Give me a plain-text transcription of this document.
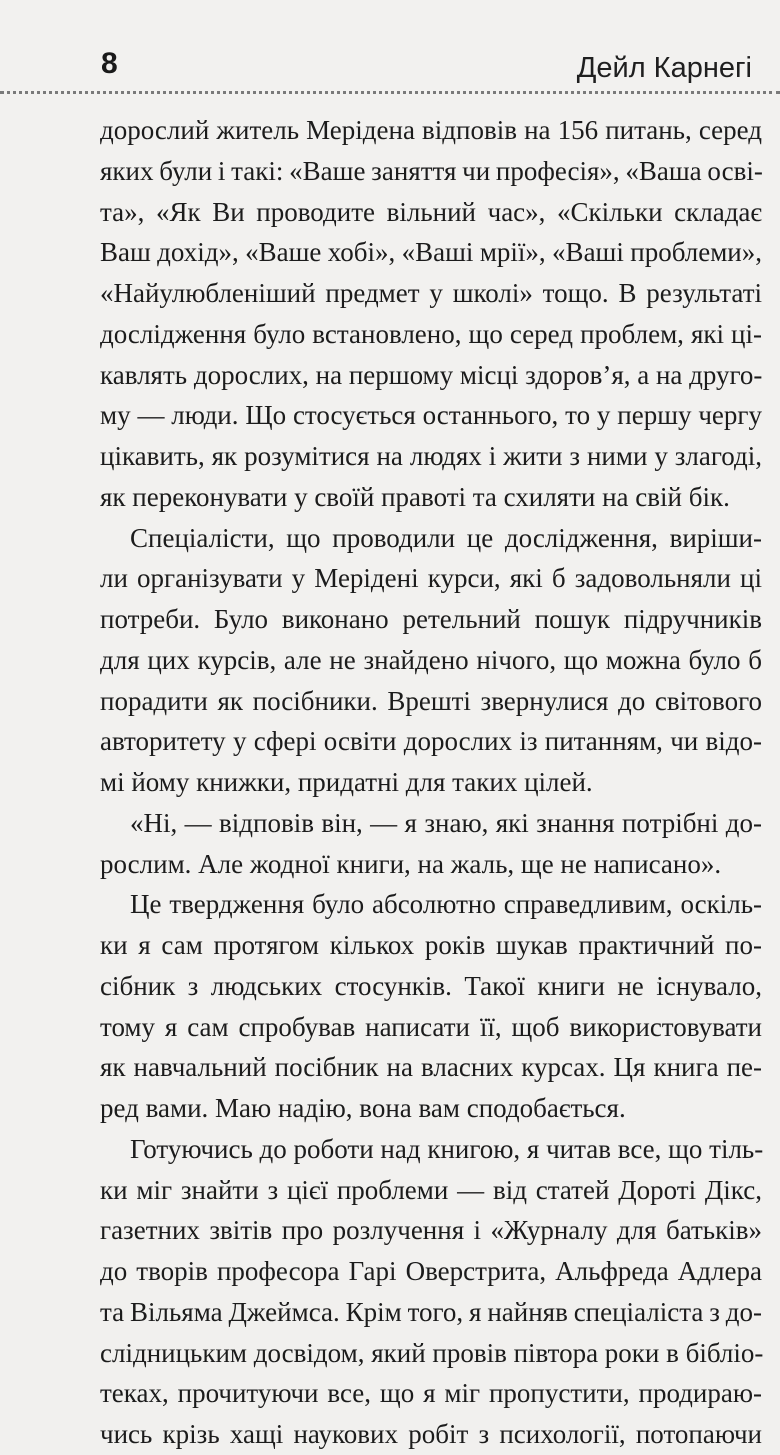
8	Дейл Карнегі
дорослий житель Мерідена відповів на 156 питань, серед
яких були і такі: «Ваше заняття чи професія», «Ваша осві-
та», «Як Ви проводите вільний час», «Скільки складає
Ваш дохід», «Ваше хобі», «Ваші мрії», «Ваші проблеми»,
«Найулюбленіший предмет у школі» тощо. В результаті
дослідження було встановлено, що серед проблем, які ці-
кавлять дорослих, на першому місці здоров’я, а на друго-
му — люди. Що стосується останнього, то у першу чергу
цікавить, як розумітися на людях і жити з ними у злагоді,
як переконувати у своїй правоті та схиляти на свій бік.
Спеціалісти, що проводили це дослідження, виріши-
ли організувати у Мерідені курси, які б задовольняли ці
потреби. Було виконано ретельний пошук підручників
для цих курсів, але не знайдено нічого, що можна було б
порадити як посібники. Врешті звернулися до світового
авторитету у сфері освіти дорослих із питанням, чи відо-
мі йому книжки, придатні для таких цілей.
«Ні, — відповів він, — я знаю, які знання потрібні до-
рослим. Але жодної книги, на жаль, ще не написано».
Це твердження було абсолютно справедливим, оскіль-
ки я сам протягом кількох років шукав практичний по-
сібник з людських стосунків. Такої книги не існувало,
тому я сам спробував написати її, щоб використовувати
як навчальний посібник на власних курсах. Ця книга пе-
ред вами. Маю надію, вона вам сподобається.
Готуючись до роботи над книгою, я читав все, що тіль-
ки міг знайти з цієї проблеми — від статей Дороті Дікс,
газетних звітів про розлучення і «Журналу для батьків»
до творів професора Гарі Оверстрита, Альфреда Адлера
та Вільяма Джеймса. Крім того, я найняв спеціаліста з до-
слідницьким досвідом, який провів півтора роки в бібліо-
теках, прочитуючи все, що я міг пропустити, продираю-
чись крізь хащі наукових робіт з психології, потопаючи
